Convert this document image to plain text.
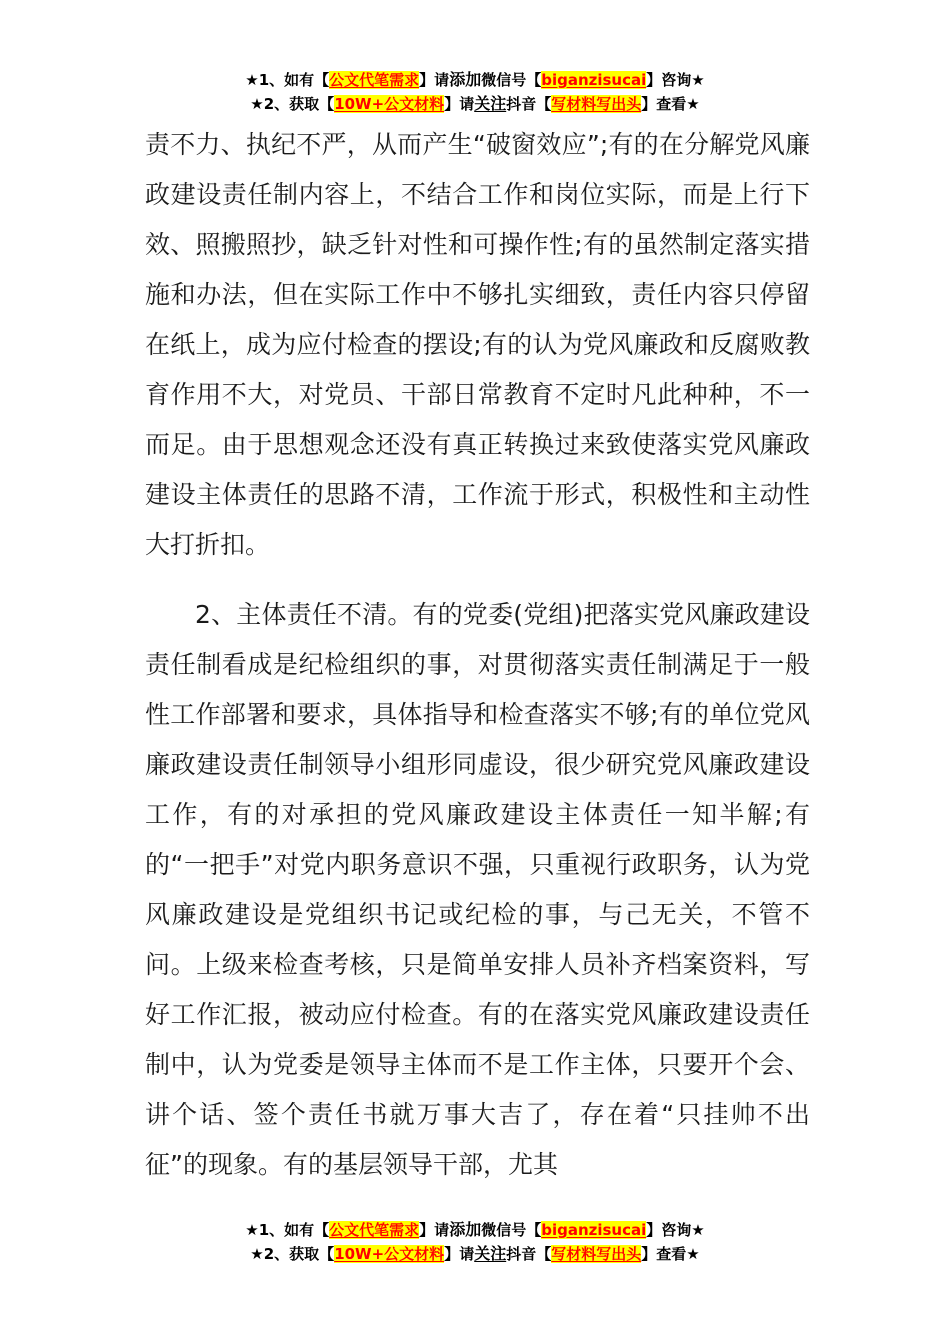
★1、如有【公文代笔需求】请添加微信号【biganzisucai】咨询★
★2、获取【10W+公文材料】请关注抖音【写材料写出头】查看★

责不力、执纪不严，从而产生“破窗效应”;有的在分解党风廉政建设责任制内容上，不结合工作和岗位实际，而是上行下效、照搬照抄，缺乏针对性和可操作性;有的虽然制定落实措施和办法，但在实际工作中不够扎实细致，责任内容只停留在纸上，成为应付检查的摆设;有的认为党风廉政和反腐败教育作用不大，对党员、干部日常教育不定时凡此种种，不一而足。由于思想观念还没有真正转换过来致使落实党风廉政建设主体责任的思路不清，工作流于形式，积极性和主动性大打折扣。

2、主体责任不清。有的党委(党组)把落实党风廉政建设责任制看成是纪检组织的事，对贯彻落实责任制满足于一般性工作部署和要求，具体指导和检查落实不够;有的单位党风廉政建设责任制领导小组形同虚设，很少研究党风廉政建设工作，有的对承担的党风廉政建设主体责任一知半解;有的“一把手”对党内职务意识不强，只重视行政职务，认为党风廉政建设是党组织书记或纪检的事，与己无关，不管不问。上级来检查考核，只是简单安排人员补齐档案资料，写好工作汇报，被动应付检查。有的在落实党风廉政建设责任制中，认为党委是领导主体而不是工作主体，只要开个会、讲个话、签个责任书就万事大吉了，存在着“只挂帅不出征”的现象。有的基层领导干部，尤其

★1、如有【公文代笔需求】请添加微信号【biganzisucai】咨询★
★2、获取【10W+公文材料】请关注抖音【写材料写出头】查看★
